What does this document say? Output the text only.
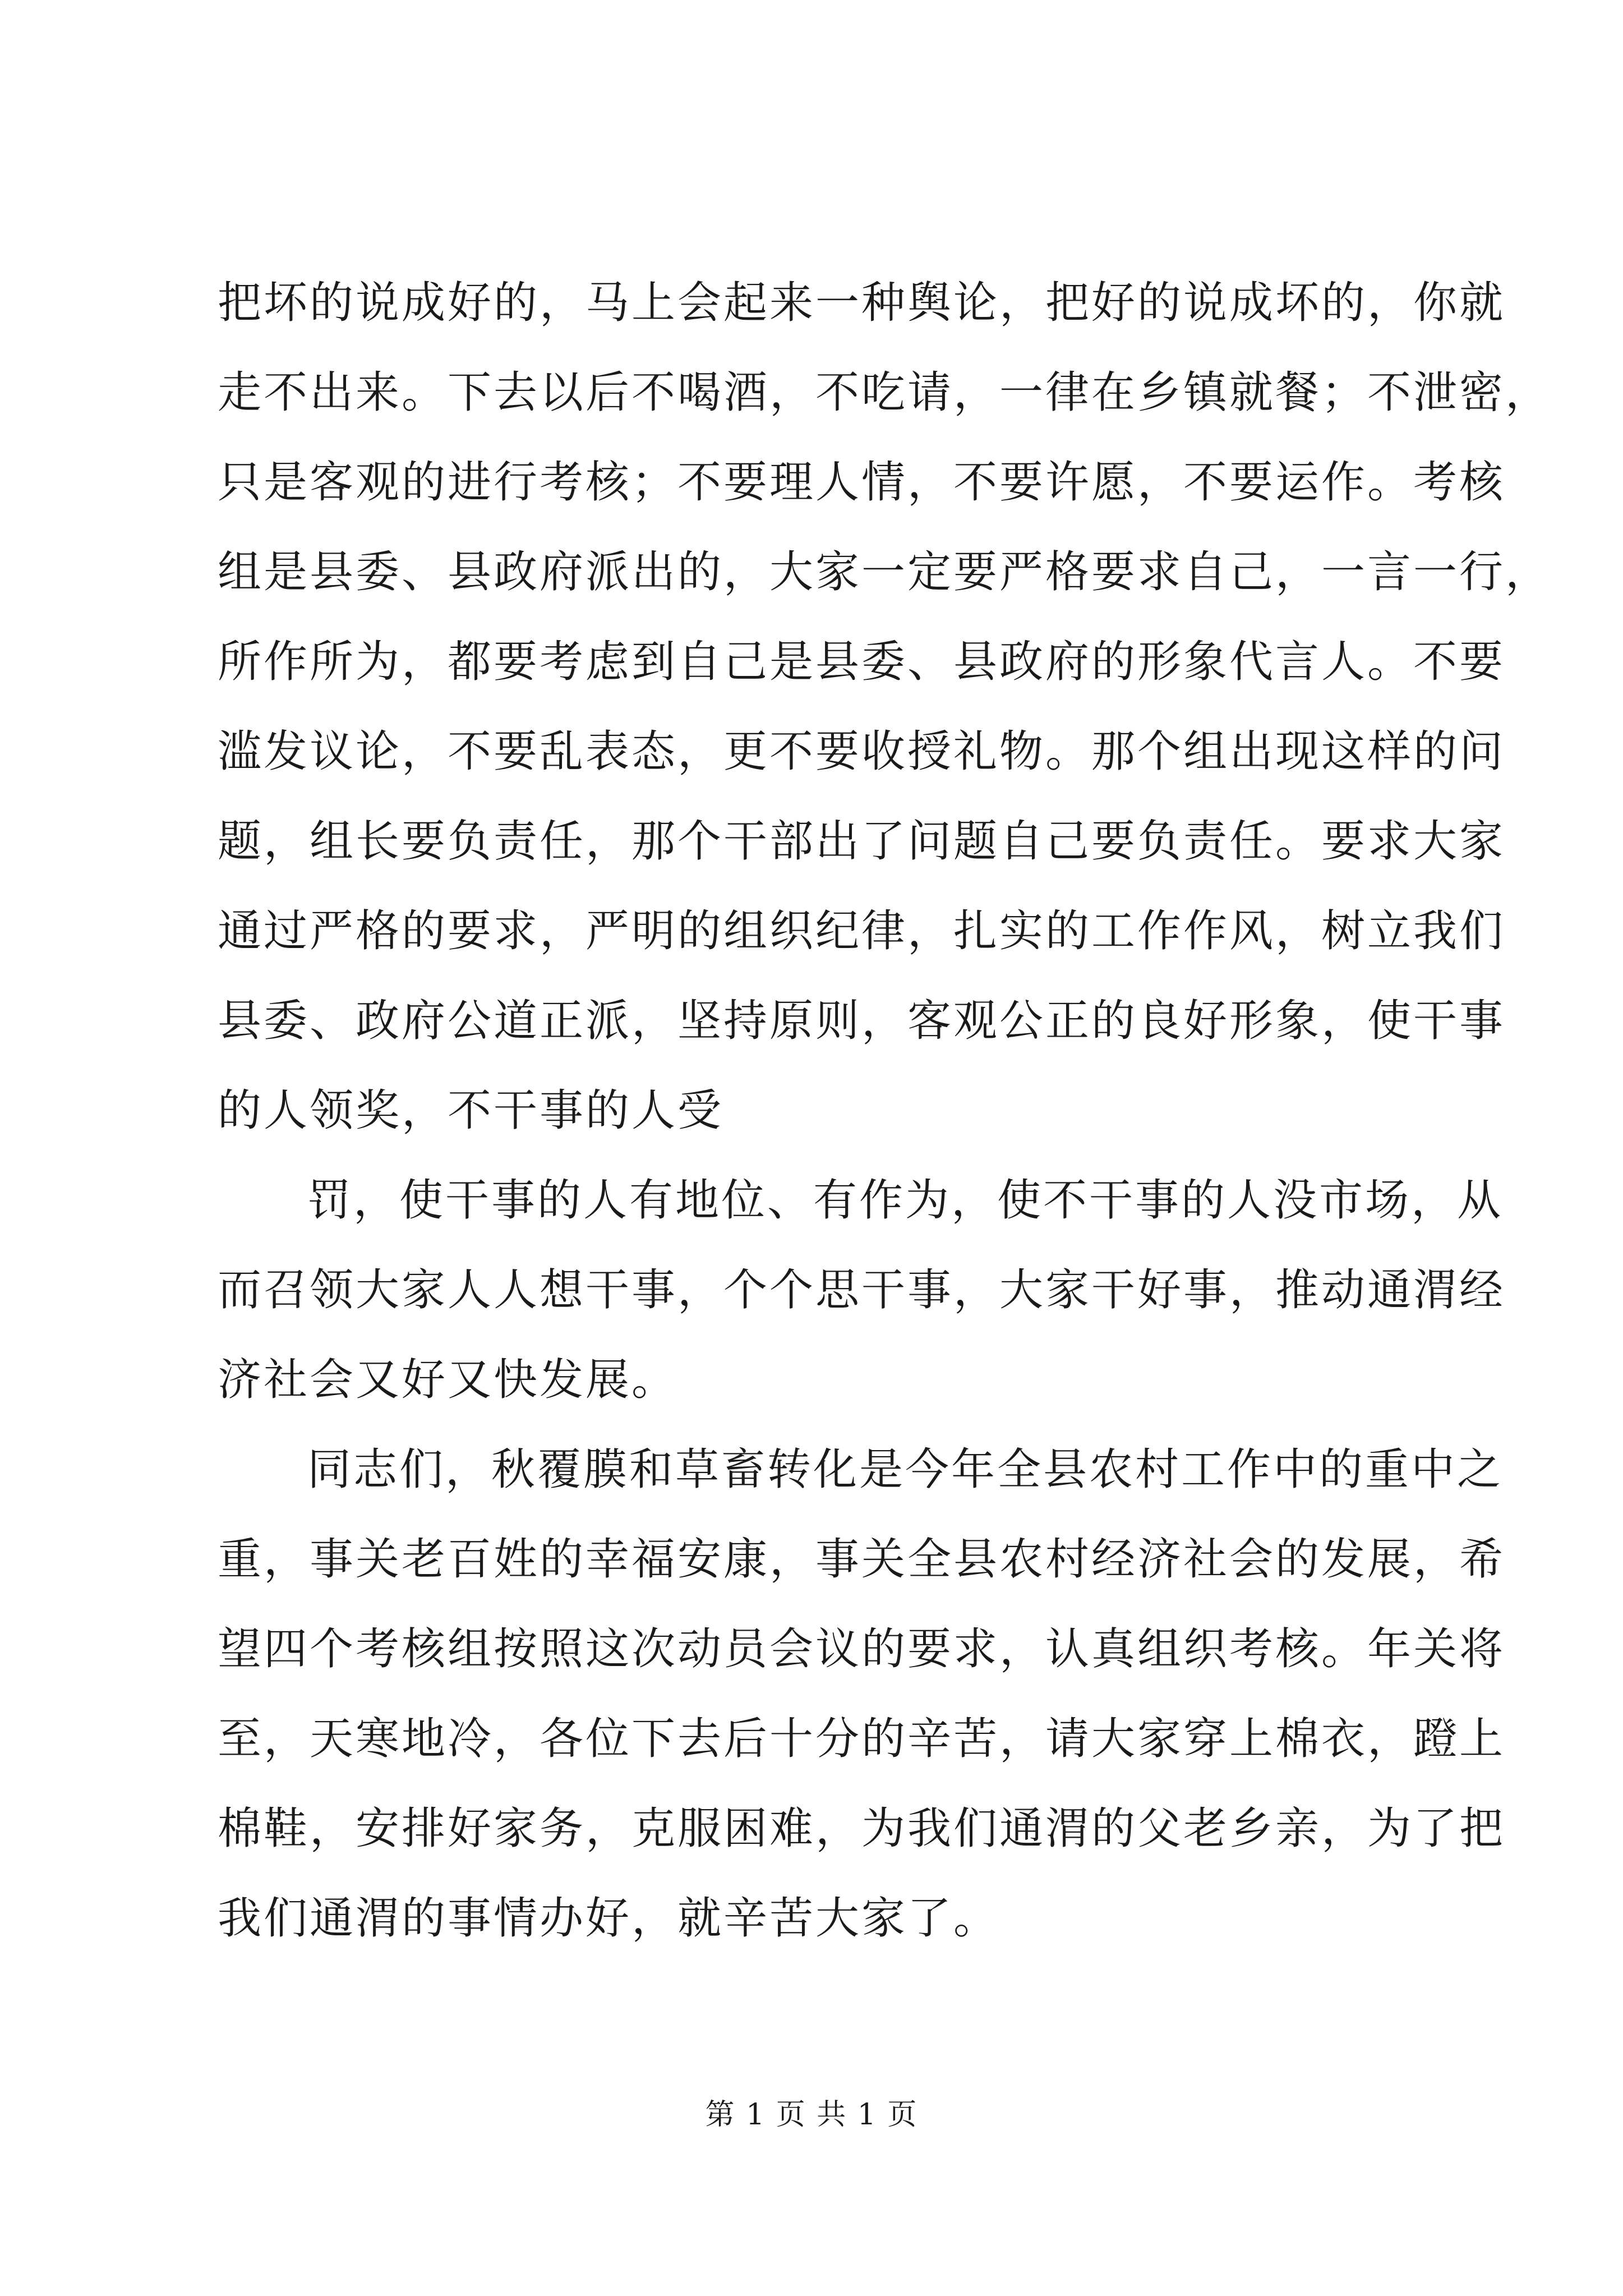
把坏的说成好的，马上会起来一种舆论，把好的说成坏的，你就
走不出来。下去以后不喝酒，不吃请，一律在乡镇就餐；不泄密，
只是客观的进行考核；不要理人情，不要许愿，不要运作。考核
组是县委、县政府派出的，大家一定要严格要求自己，一言一行，
所作所为，都要考虑到自己是县委、县政府的形象代言人。不要
滥发议论，不要乱表态，更不要收授礼物。那个组出现这样的问
题，组长要负责任，那个干部出了问题自己要负责任。要求大家
通过严格的要求，严明的组织纪律，扎实的工作作风，树立我们
县委、政府公道正派，坚持原则，客观公正的良好形象，使干事
的人领奖，不干事的人受
罚，使干事的人有地位、有作为，使不干事的人没市场，从
而召领大家人人想干事，个个思干事，大家干好事，推动通渭经
济社会又好又快发展。
同志们，秋覆膜和草畜转化是今年全县农村工作中的重中之
重，事关老百姓的幸福安康，事关全县农村经济社会的发展，希
望四个考核组按照这次动员会议的要求，认真组织考核。年关将
至，天寒地冷，各位下去后十分的辛苦，请大家穿上棉衣，蹬上
棉鞋，安排好家务，克服困难，为我们通渭的父老乡亲，为了把
我们通渭的事情办好，就辛苦大家了。
第 1 页 共 1 页
